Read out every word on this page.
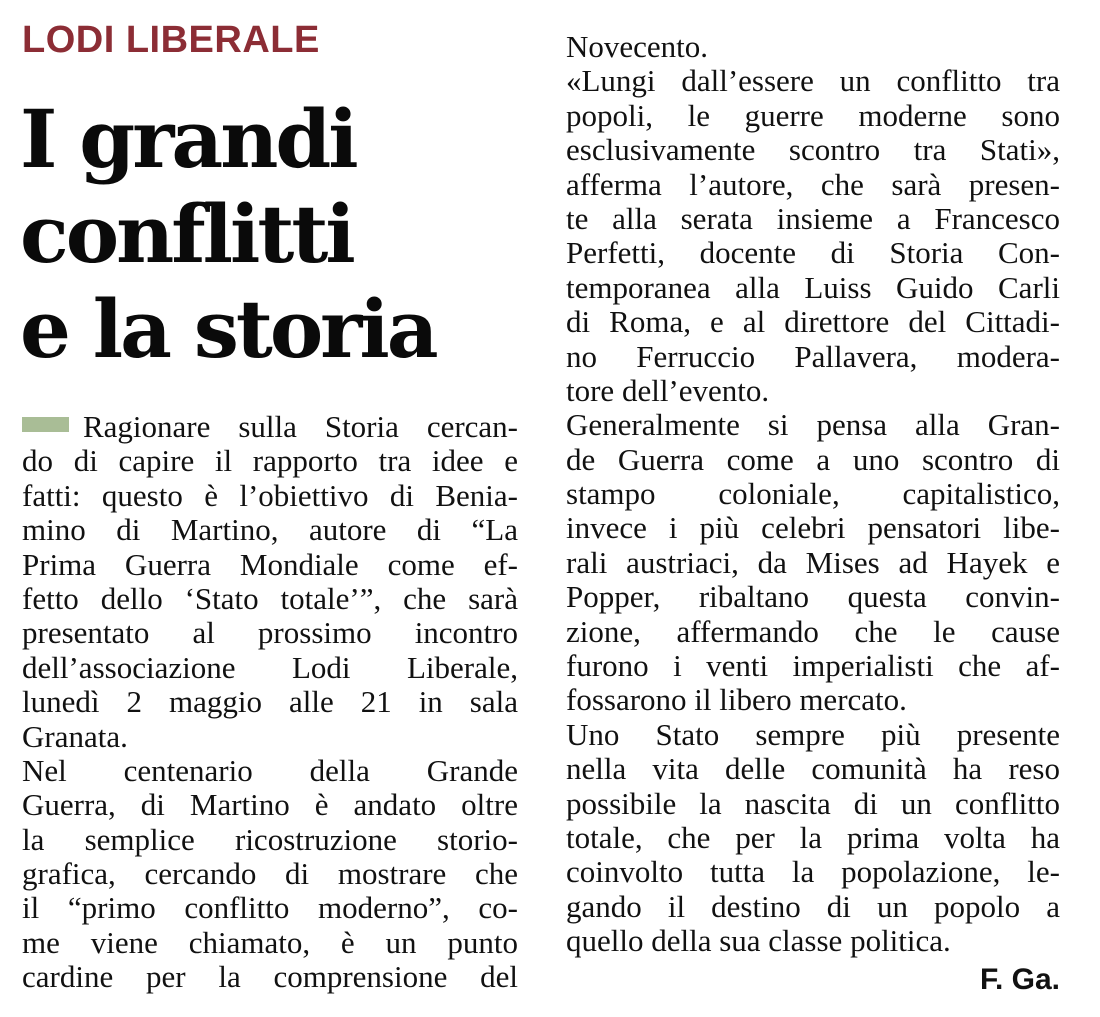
LODI LIBERALE
I grandi
conflitti
e la storia
Ragionare sulla Storia cercan-
do di capire il rapporto tra idee e
fatti: questo è l’obiettivo di Benia-
mino di Martino, autore di “La
Prima Guerra Mondiale come ef-
fetto dello ‘Stato totale’”, che sarà
presentato al prossimo incontro
dell’associazione Lodi Liberale,
lunedì 2 maggio alle 21 in sala
Granata.
Nel centenario della Grande
Guerra, di Martino è andato oltre
la semplice ricostruzione storio-
grafica, cercando di mostrare che
il “primo conflitto moderno”, co-
me viene chiamato, è un punto
cardine per la comprensione del
Novecento.
«Lungi dall’essere un conflitto tra
popoli, le guerre moderne sono
esclusivamente scontro tra Stati»,
afferma l’autore, che sarà presen-
te alla serata insieme a Francesco
Perfetti, docente di Storia Con-
temporanea alla Luiss Guido Carli
di Roma, e al direttore del Cittadi-
no Ferruccio Pallavera, modera-
tore dell’evento.
Generalmente si pensa alla Gran-
de Guerra come a uno scontro di
stampo coloniale, capitalistico,
invece i più celebri pensatori libe-
rali austriaci, da Mises ad Hayek e
Popper, ribaltano questa convin-
zione, affermando che le cause
furono i venti imperialisti che af-
fossarono il libero mercato.
Uno Stato sempre più presente
nella vita delle comunità ha reso
possibile la nascita di un conflitto
totale, che per la prima volta ha
coinvolto tutta la popolazione, le-
gando il destino di un popolo a
quello della sua classe politica.
F. Ga.
